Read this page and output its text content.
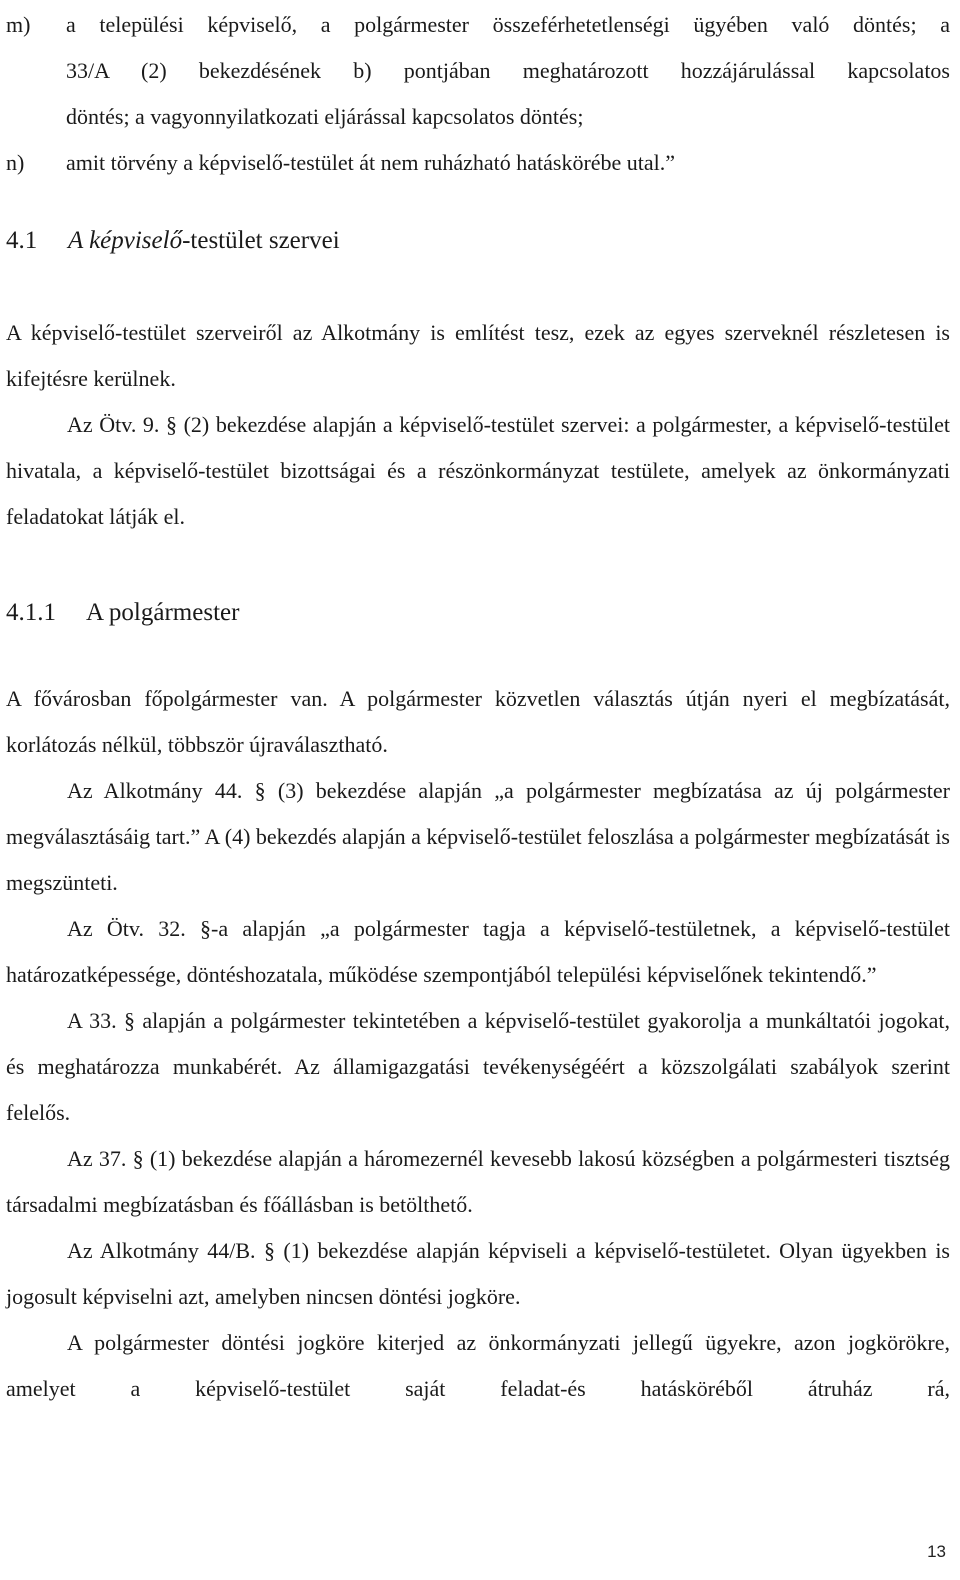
m) a települési képviselő, a polgármester összeférhetetlenségi ügyében való döntés; a

33/A (2) bekezdésének b) pontjában meghatározott hozzájárulással kapcsolatos

döntés; a vagyonnyilatkozati eljárással kapcsolatos döntés;

n) amit törvény a képviselő-testület át nem ruházható hatáskörébe utal.”

4.1 A képviselő-testület szervei

A képviselő-testület szerveiről az Alkotmány is említést tesz, ezek az egyes szerveknél részletesen is kifejtésre kerülnek.

Az Ötv. 9. § (2) bekezdése alapján a képviselő-testület szervei: a polgármester, a képviselő-testület hivatala, a képviselő-testület bizottságai és a részönkormányzat testülete, amelyek az önkormányzati feladatokat látják el.

4.1.1 A polgármester

A fővárosban főpolgármester van. A polgármester közvetlen választás útján nyeri el megbízatását, korlátozás nélkül, többször újraválasztható.

Az Alkotmány 44. § (3) bekezdése alapján „a polgármester megbízatása az új polgármester megválasztásáig tart.” A (4) bekezdés alapján a képviselő-testület feloszlása a polgármester megbízatását is megszünteti.

Az Ötv. 32. §-a alapján „a polgármester tagja a képviselő-testületnek, a képviselő-testület határozatképessége, döntéshozatala, működése szempontjából települési képviselőnek tekintendő.”

A 33. § alapján a polgármester tekintetében a képviselő-testület gyakorolja a munkáltatói jogokat, és meghatározza munkabérét. Az államigazgatási tevékenységéért a közszolgálati szabályok szerint felelős.

Az 37. § (1) bekezdése alapján a háromezernél kevesebb lakosú községben a polgármesteri tisztség társadalmi megbízatásban és főállásban is betölthető.

Az Alkotmány 44/B. § (1) bekezdése alapján képviseli a képviselő-testületet. Olyan ügyekben is jogosult képviselni azt, amelyben nincsen döntési jogköre.

A polgármester döntési jogköre kiterjed az önkormányzati jellegű ügyekre, azon jogkörökre, amelyet a képviselő-testület saját feladat-és hatásköréből átruház rá,

13
